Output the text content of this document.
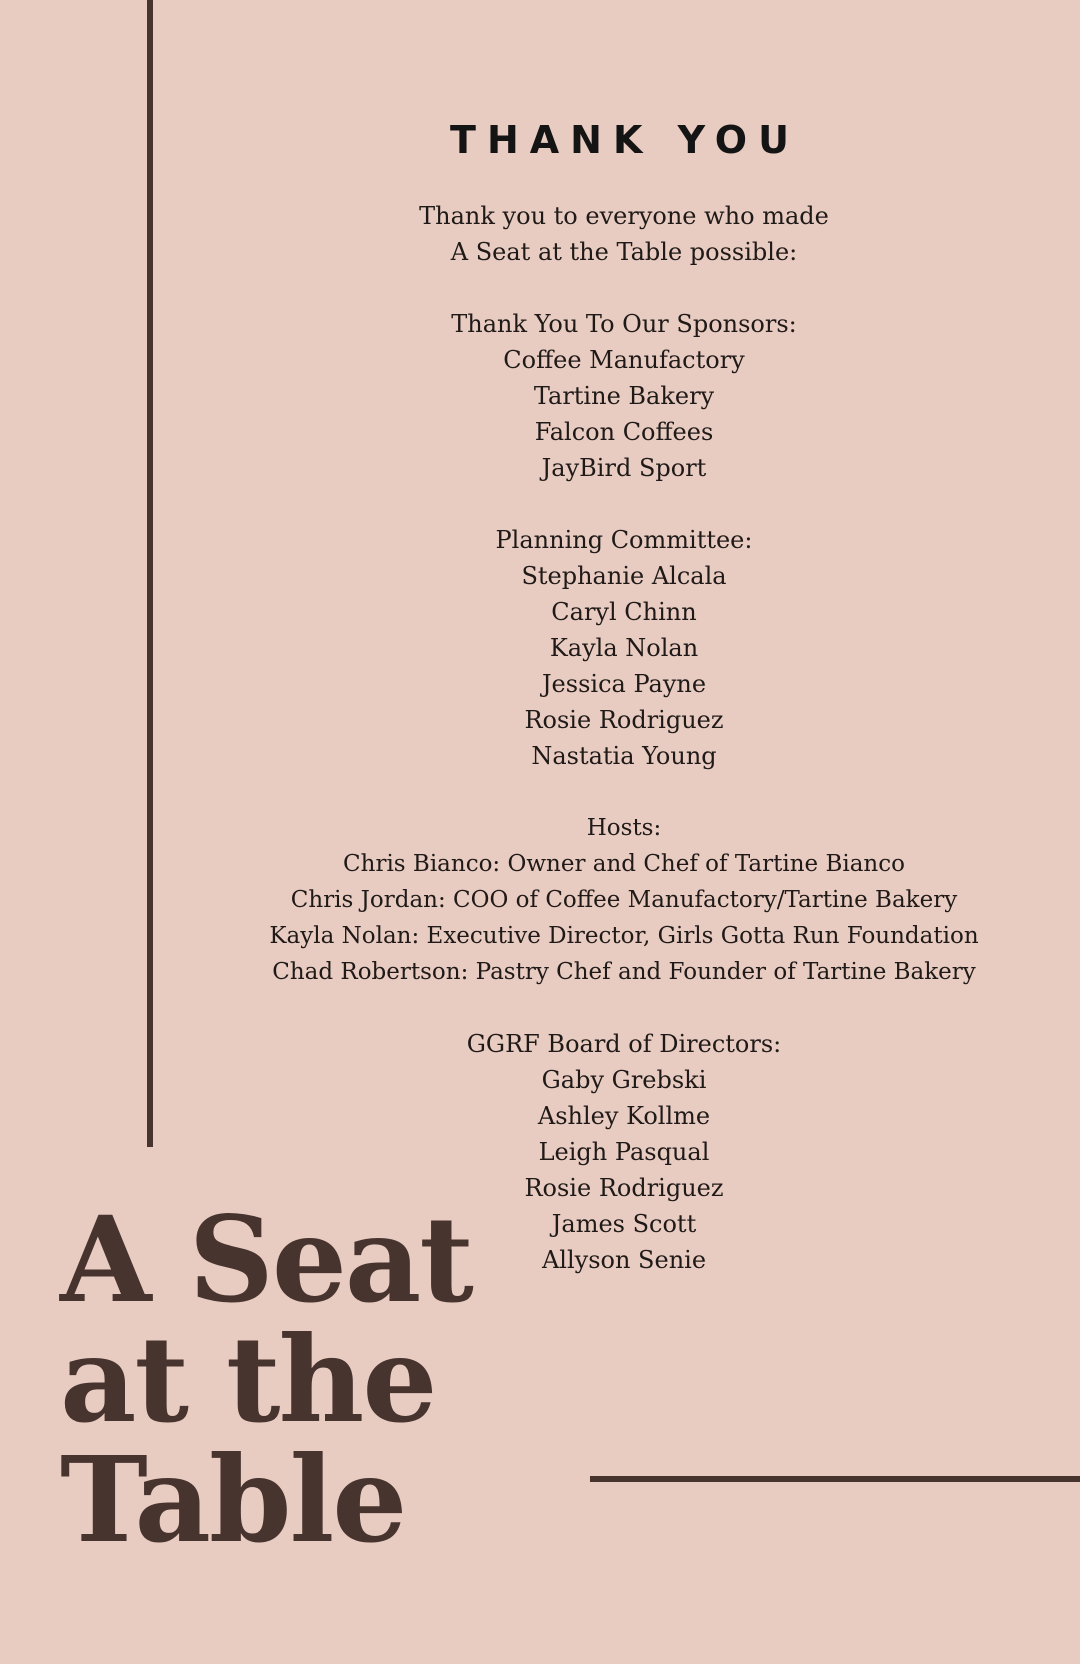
THANK YOU
Thank you to everyone who made
A Seat at the Table possible:
Thank You To Our Sponsors:
Coffee Manufactory
Tartine Bakery
Falcon Coffees
JayBird Sport
Planning Committee:
Stephanie Alcala
Caryl Chinn
Kayla Nolan
Jessica Payne
Rosie Rodriguez
Nastatia Young
Hosts:
Chris Bianco: Owner and Chef of Tartine Bianco
Chris Jordan: COO of Coffee Manufactory/Tartine Bakery
Kayla Nolan: Executive Director, Girls Gotta Run Foundation
Chad Robertson: Pastry Chef and Founder of Tartine Bakery
GGRF Board of Directors:
Gaby Grebski
Ashley Kollme
Leigh Pasqual
Rosie Rodriguez
James Scott
Allyson Senie
A Seat
at the
Table
